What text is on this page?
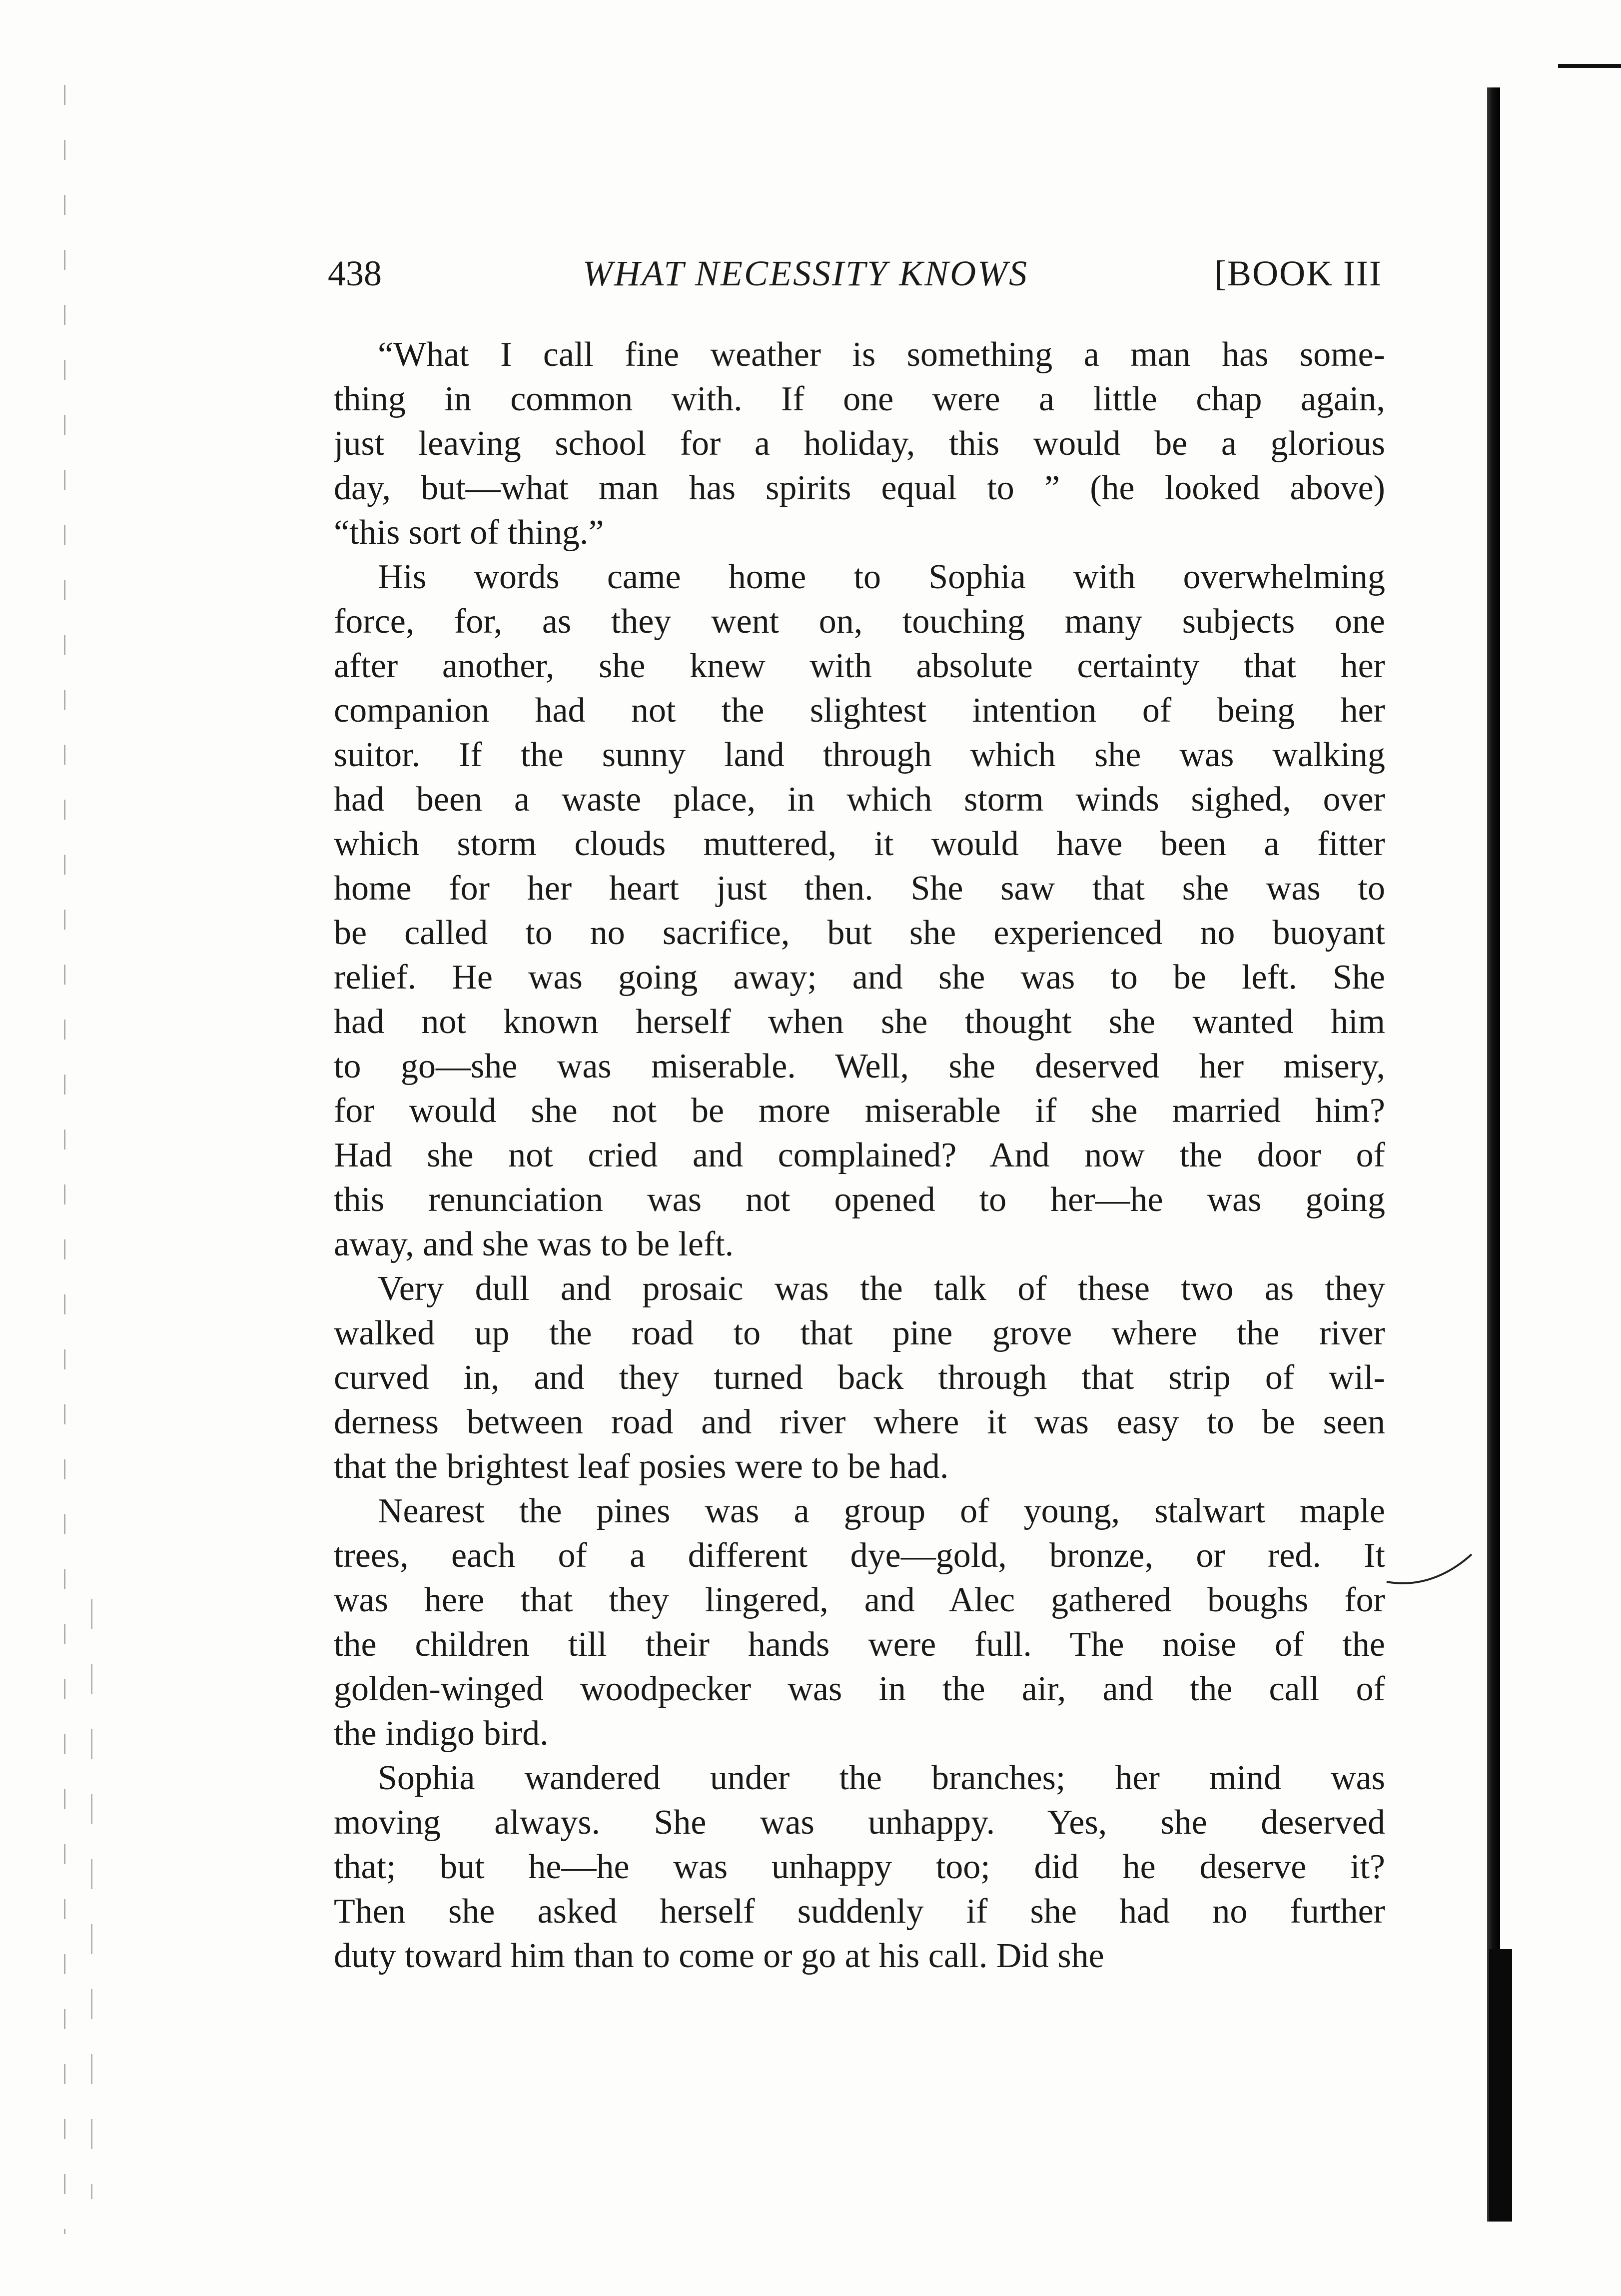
438	WHAT NECESSITY KNOWS	[BOOK III
“What I call fine weather is something a man has some-
thing in common with. If one were a little chap again,
just leaving school for a holiday, this would be a glorious
day, but—what man has spirits equal to ” (he looked above)
“this sort of thing.”
His words came home to Sophia with overwhelming
force, for, as they went on, touching many subjects one
after another, she knew with absolute certainty that her
companion had not the slightest intention of being her
suitor. If the sunny land through which she was walking
had been a waste place, in which storm winds sighed, over
which storm clouds muttered, it would have been a fitter
home for her heart just then. She saw that she was to
be called to no sacrifice, but she experienced no buoyant
relief. He was going away; and she was to be left. She
had not known herself when she thought she wanted him
to go—she was miserable. Well, she deserved her misery,
for would she not be more miserable if she married him?
Had she not cried and complained? And now the door of
this renunciation was not opened to her—he was going
away, and she was to be left.
Very dull and prosaic was the talk of these two as they
walked up the road to that pine grove where the river
curved in, and they turned back through that strip of wil-
derness between road and river where it was easy to be seen
that the brightest leaf posies were to be had.
Nearest the pines was a group of young, stalwart maple
trees, each of a different dye—gold, bronze, or red. It
was here that they lingered, and Alec gathered boughs for
the children till their hands were full. The noise of the
golden-winged woodpecker was in the air, and the call of
the indigo bird.
Sophia wandered under the branches; her mind was
moving always. She was unhappy. Yes, she deserved
that; but he—he was unhappy too; did he deserve it?
Then she asked herself suddenly if she had no further
duty toward him than to come or go at his call. Did she
